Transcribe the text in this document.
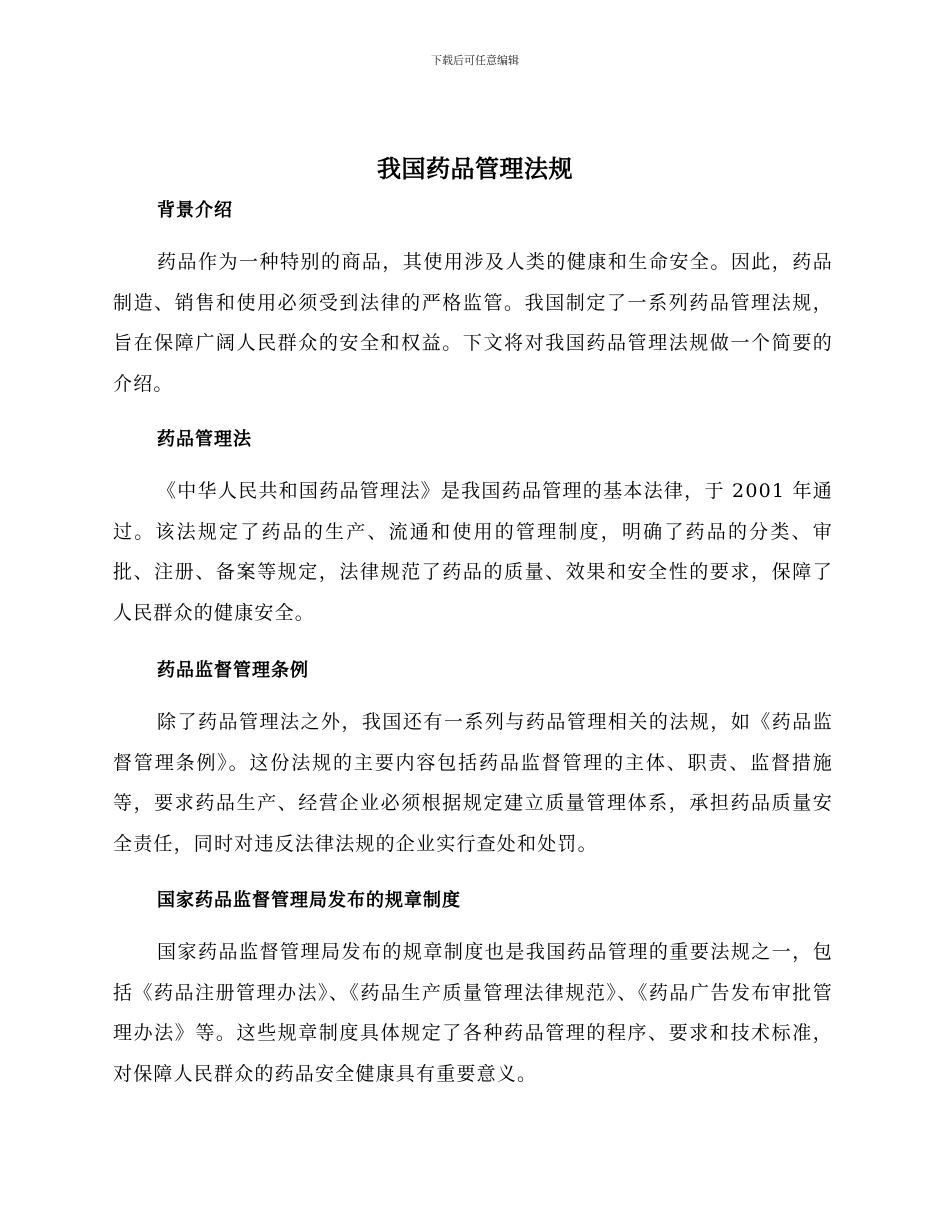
下载后可任意编辑
我国药品管理法规
背景介绍

药品作为一种特别的商品，其使用涉及人类的健康和生命安全。因此，药品制造、销售和使用必须受到法律的严格监管。我国制定了一系列药品管理法规，旨在保障广阔人民群众的安全和权益。下文将对我国药品管理法规做一个简要的介绍。

药品管理法

《中华人民共和国药品管理法》是我国药品管理的基本法律，于 2001 年通过。该法规定了药品的生产、流通和使用的管理制度，明确了药品的分类、审批、注册、备案等规定，法律规范了药品的质量、效果和安全性的要求，保障了人民群众的健康安全。

药品监督管理条例

除了药品管理法之外，我国还有一系列与药品管理相关的法规，如《药品监督管理条例》。这份法规的主要内容包括药品监督管理的主体、职责、监督措施等，要求药品生产、经营企业必须根据规定建立质量管理体系，承担药品质量安全责任，同时对违反法律法规的企业实行查处和处罚。

国家药品监督管理局发布的规章制度

国家药品监督管理局发布的规章制度也是我国药品管理的重要法规之一，包括《药品注册管理办法》、《药品生产质量管理法律规范》、《药品广告发布审批管理办法》等。这些规章制度具体规定了各种药品管理的程序、要求和技术标准，对保障人民群众的药品安全健康具有重要意义。
